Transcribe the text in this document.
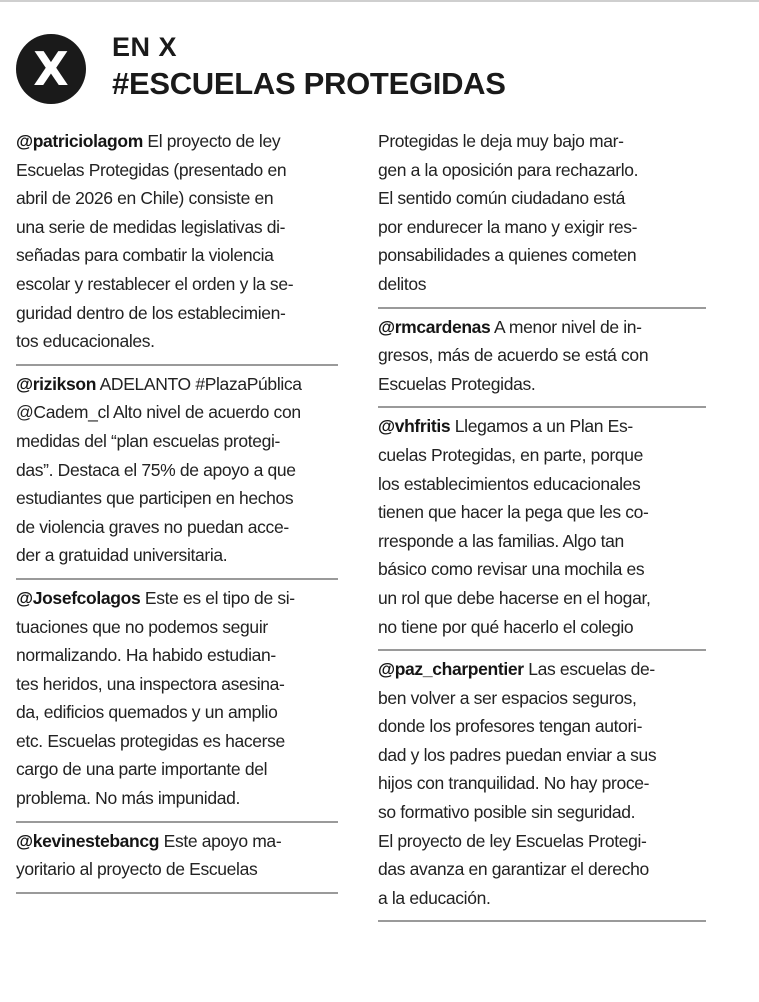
X	EN X
#ESCUELAS PROTEGIDAS
@patriciolagom El proyecto de ley
Escuelas Protegidas (presentado en
abril de 2026 en Chile) consiste en
una serie de medidas legislativas di-
señadas para combatir la violencia
escolar y restablecer el orden y la se-
guridad dentro de los establecimien-
tos educacionales.
@rizikson ADELANTO #PlazaPública
@Cadem_cl Alto nivel de acuerdo con
medidas del “plan escuelas protegi-
das”. Destaca el 75% de apoyo a que
estudiantes que participen en hechos
de violencia graves no puedan acce-
der a gratuidad universitaria.
@Josefcolagos Este es el tipo de si-
tuaciones que no podemos seguir
normalizando. Ha habido estudian-
tes heridos, una inspectora asesina-
da, edificios quemados y un amplio
etc. Escuelas protegidas es hacerse
cargo de una parte importante del
problema. No más impunidad.
@kevinestebancg Este apoyo ma-
yoritario al proyecto de Escuelas
Protegidas le deja muy bajo mar-
gen a la oposición para rechazarlo.
El sentido común ciudadano está
por endurecer la mano y exigir res-
ponsabilidades a quienes cometen
delitos
@rmcardenas A menor nivel de in-
gresos, más de acuerdo se está con
Escuelas Protegidas.
@vhfritis Llegamos a un Plan Es-
cuelas Protegidas, en parte, porque
los establecimientos educacionales
tienen que hacer la pega que les co-
rresponde a las familias. Algo tan
básico como revisar una mochila es
un rol que debe hacerse en el hogar,
no tiene por qué hacerlo el colegio
@paz_charpentier Las escuelas de-
ben volver a ser espacios seguros,
donde los profesores tengan autori-
dad y los padres puedan enviar a sus
hijos con tranquilidad. No hay proce-
so formativo posible sin seguridad.
El proyecto de ley Escuelas Protegi-
das avanza en garantizar el derecho
a la educación.
